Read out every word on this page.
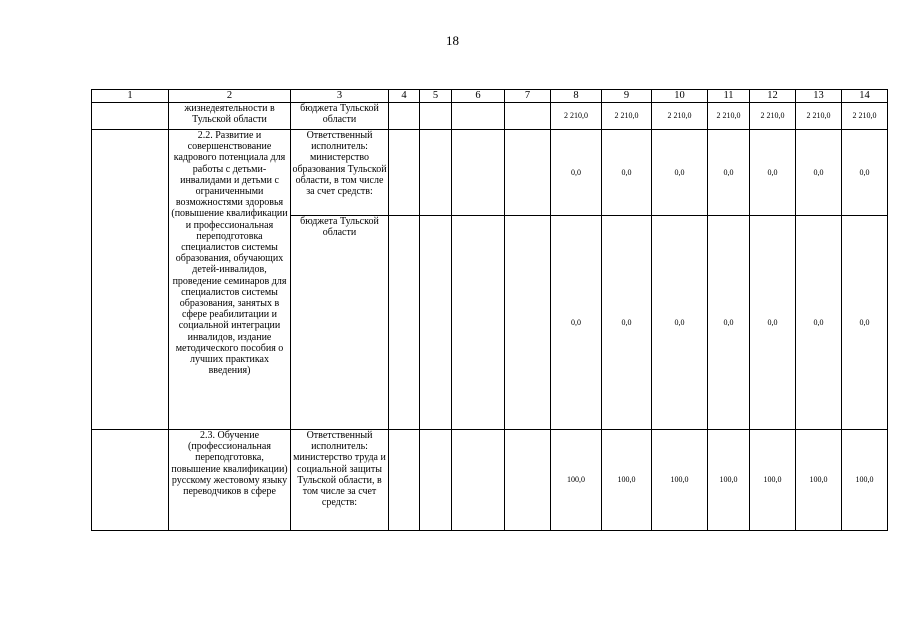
18
1	2	3	4	5	6	7	8	9	10	11	12	13	14
	жизнедеятельности в Тульской области	бюджета Тульской области					2 210,0	2 210,0	2 210,0	2 210,0	2 210,0	2 210,0	2 210,0
	2.2. Развитие и совершенствование кадрового потенциала для работы с детьми-инвалидами и детьми с ограниченными возможностями здоровья (повышение квалификации и профессиональная переподготовка специалистов системы образования, обучающих детей-инвалидов, проведение семинаров для специалистов системы образования, занятых в сфере реабилитации и социальной интеграции инвалидов, издание методического пособия о лучших практиках введения)	Ответственный исполнитель: министерство образования Тульской области, в том числе за счет средств:					0,0	0,0	0,0	0,0	0,0	0,0	0,0
		бюджета Тульской области					0,0	0,0	0,0	0,0	0,0	0,0	0,0
	2.3. Обучение (профессиональная переподготовка, повышение квалификации) русскому жестовому языку переводчиков в сфере	Ответственный исполнитель: министерство труда и социальной защиты Тульской области, в том числе за счет средств:					100,0	100,0	100,0	100,0	100,0	100,0	100,0
